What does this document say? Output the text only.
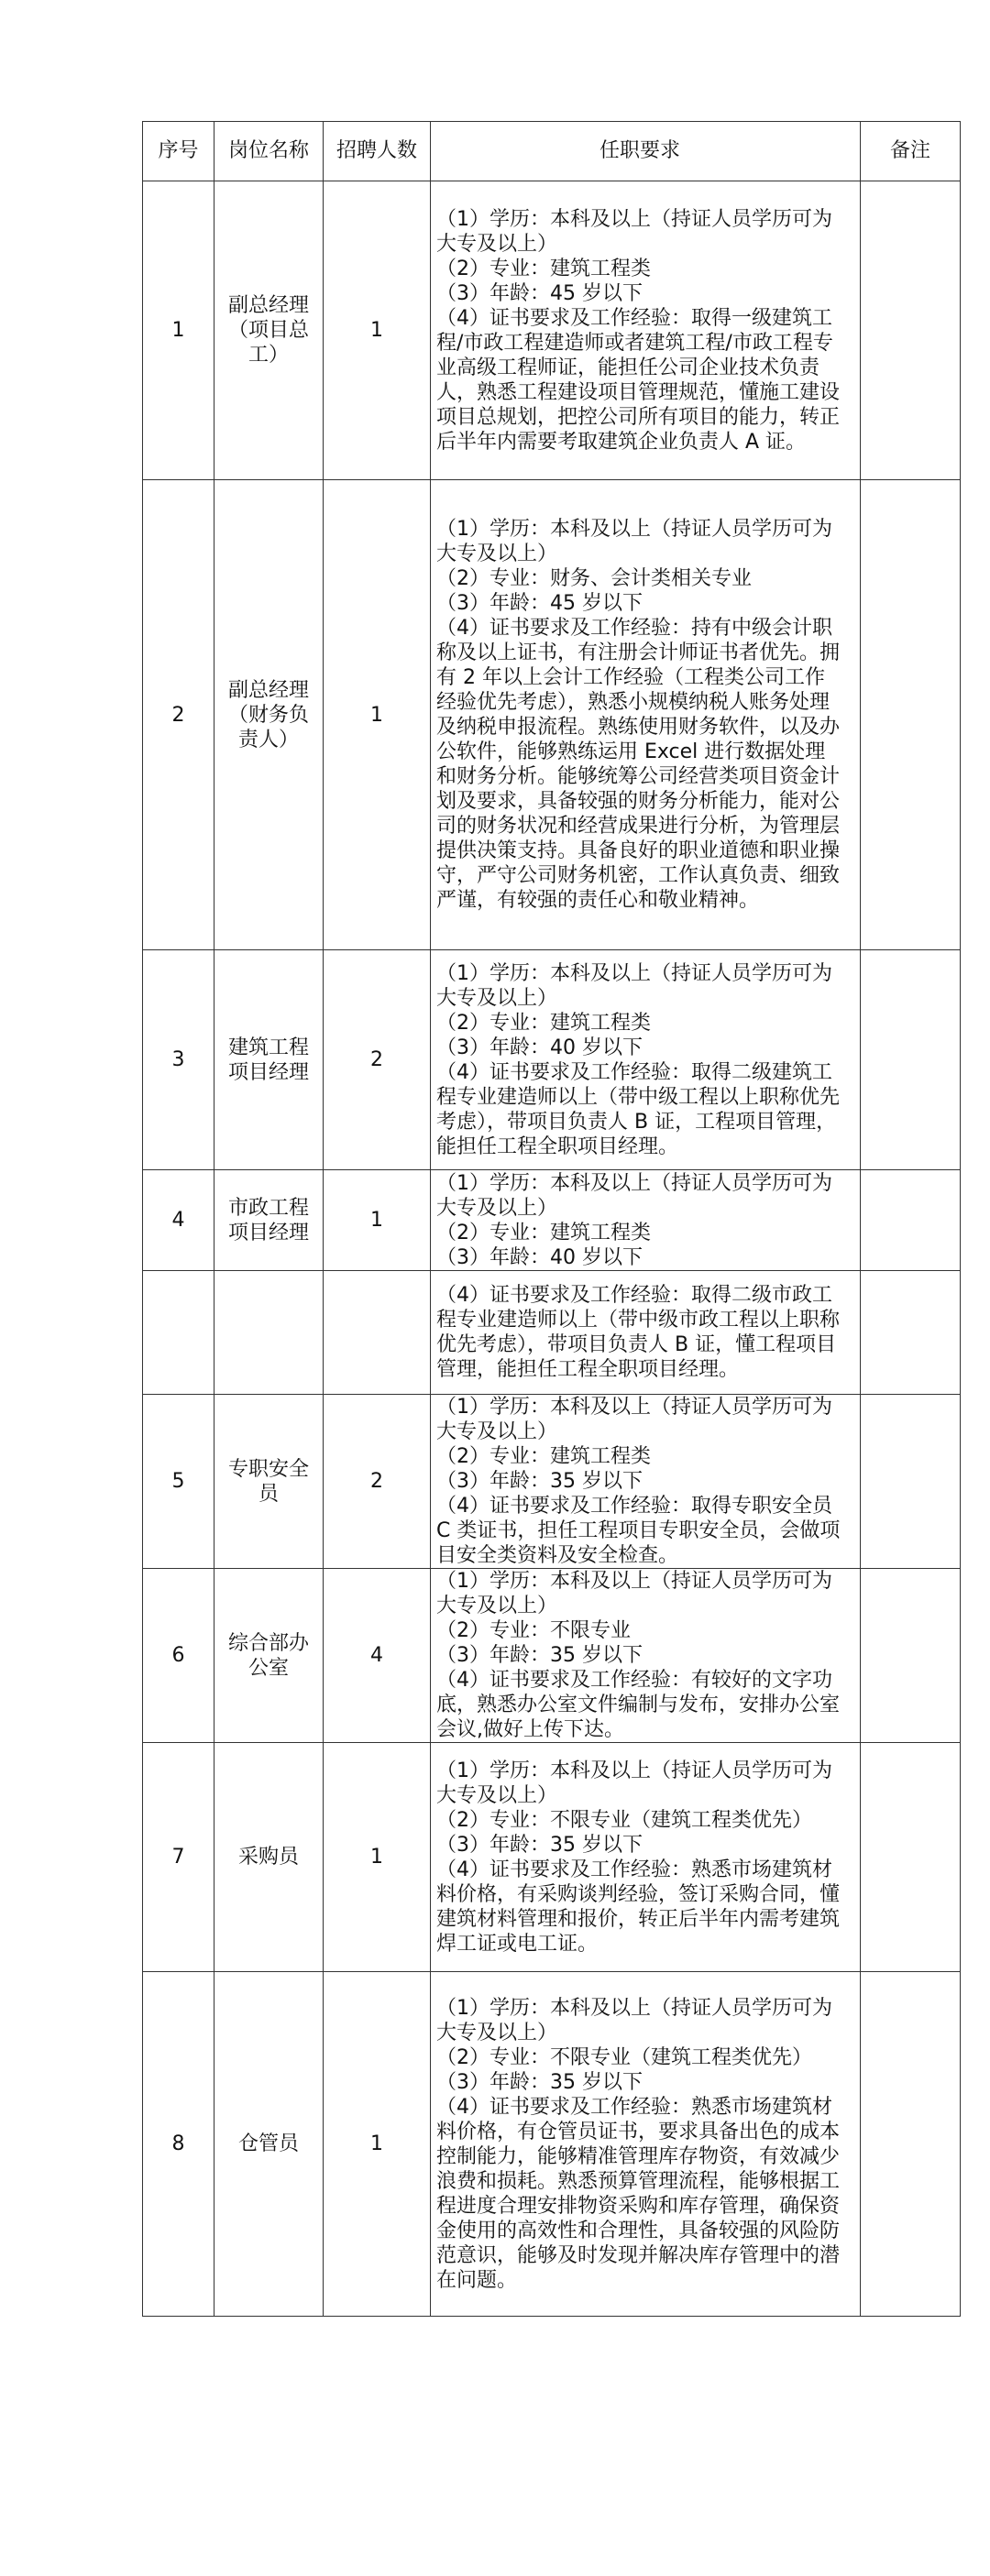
序号	岗位名称	招聘人数	任职要求	备注
1	副总经理（项目总工）	1	（1）学历：本科及以上（持证人员学历可为大专及以上）
（2）专业：建筑工程类
（3）年龄：45 岁以下
（4）证书要求及工作经验：取得一级建筑工程/市政工程建造师或者建筑工程/市政工程专业高级工程师证，能担任公司企业技术负责人，熟悉工程建设项目管理规范，懂施工建设项目总规划，把控公司所有项目的能力，转正后半年内需要考取建筑企业负责人 A 证。	

2	副总经理（财务负责人）	1	（1）学历：本科及以上（持证人员学历可为大专及以上）
（2）专业：财务、会计类相关专业
（3）年龄：45 岁以下
（4）证书要求及工作经验：持有中级会计职称及以上证书，有注册会计师证书者优先。拥有 2 年以上会计工作经验（工程类公司工作经验优先考虑），熟悉小规模纳税人账务处理及纳税申报流程。熟练使用财务软件，以及办公软件，能够熟练运用 Excel 进行数据处理和财务分析。能够统筹公司经营类项目资金计划及要求，具备较强的财务分析能力，能对公司的财务状况和经营成果进行分析，为管理层提供决策支持。具备良好的职业道德和职业操守，严守公司财务机密，工作认真负责、细致严谨，有较强的责任心和敬业精神。	

3	建筑工程项目经理	2	（1）学历：本科及以上（持证人员学历可为大专及以上）
（2）专业：建筑工程类
（3）年龄：40 岁以下
（4）证书要求及工作经验：取得二级建筑工程专业建造师以上（带中级工程以上职称优先考虑），带项目负责人 B 证，工程项目管理，能担任工程全职项目经理。	

4	市政工程项目经理	1	（1）学历：本科及以上（持证人员学历可为大专及以上）
（2）专业：建筑工程类
（3）年龄：40 岁以下	

			（4）证书要求及工作经验：取得二级市政工程专业建造师以上（带中级市政工程以上职称优先考虑），带项目负责人 B 证，懂工程项目管理，能担任工程全职项目经理。	

5	专职安全员	2	（1）学历：本科及以上（持证人员学历可为大专及以上）
（2）专业：建筑工程类
（3）年龄：35 岁以下
（4）证书要求及工作经验：取得专职安全员 C 类证书，担任工程项目专职安全员，会做项目安全类资料及安全检查。	

6	综合部办公室	4	（1）学历：本科及以上（持证人员学历可为大专及以上）
（2）专业：不限专业
（3）年龄：35 岁以下
（4）证书要求及工作经验：有较好的文字功底，熟悉办公室文件编制与发布，安排办公室会议,做好上传下达。	

7	采购员	1	（1）学历：本科及以上（持证人员学历可为大专及以上）
（2）专业：不限专业（建筑工程类优先）
（3）年龄：35 岁以下
（4）证书要求及工作经验：熟悉市场建筑材料价格，有采购谈判经验，签订采购合同，懂建筑材料管理和报价，转正后半年内需考建筑焊工证或电工证。	

8	仓管员	1	（1）学历：本科及以上（持证人员学历可为大专及以上）
（2）专业：不限专业（建筑工程类优先）
（3）年龄：35 岁以下
（4）证书要求及工作经验：熟悉市场建筑材料价格，有仓管员证书，要求具备出色的成本控制能力，能够精准管理库存物资，有效减少浪费和损耗。熟悉预算管理流程，能够根据工程进度合理安排物资采购和库存管理，确保资金使用的高效性和合理性，具备较强的风险防范意识，能够及时发现并解决库存管理中的潜在问题。	
